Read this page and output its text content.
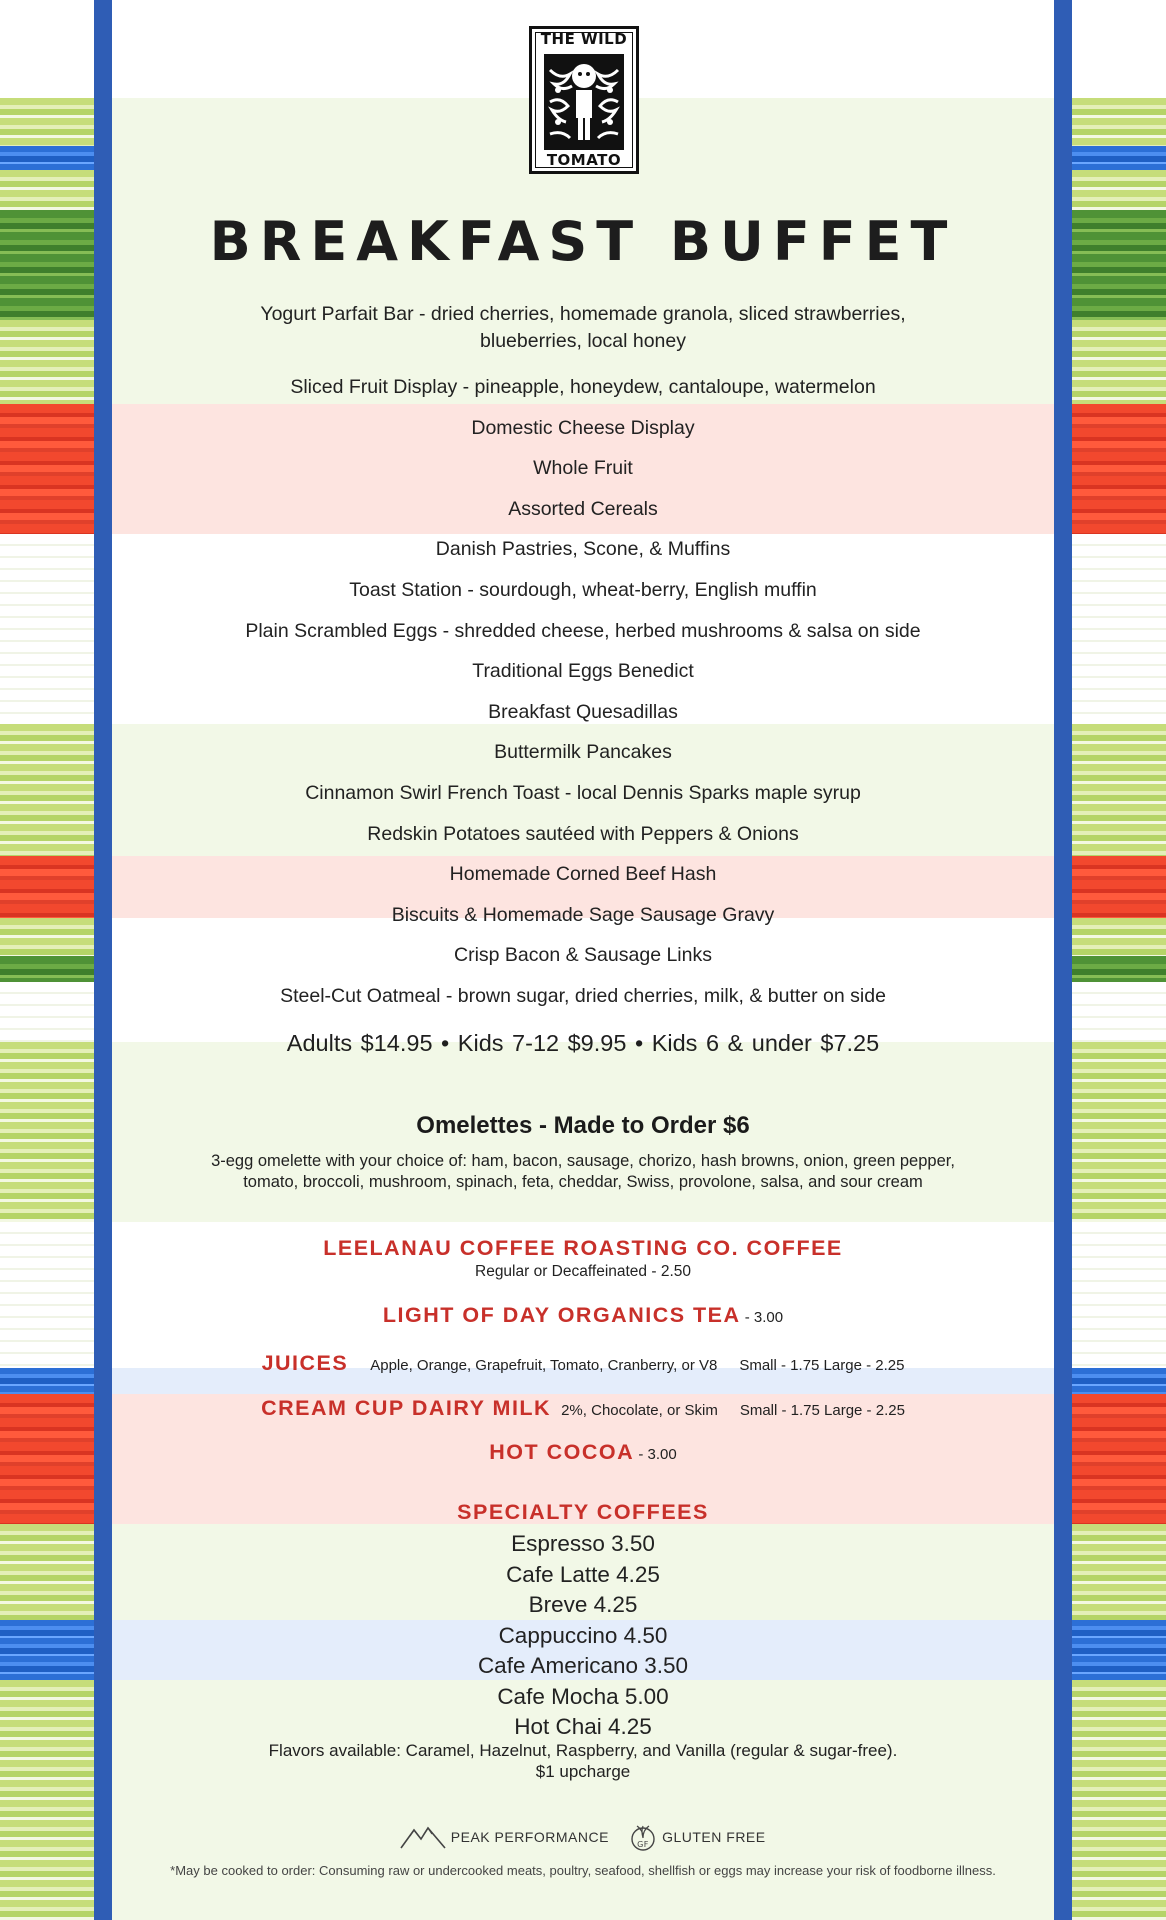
THE WILD
TOMATO
BREAKFAST BUFFET
Yogurt Parfait Bar - dried cherries, homemade granola, sliced strawberries,
blueberries, local honey
Sliced Fruit Display - pineapple, honeydew, cantaloupe, watermelon
Domestic Cheese Display
Whole Fruit
Assorted Cereals
Danish Pastries, Scone, & Muffins
Toast Station - sourdough, wheat-berry, English muffin
Plain Scrambled Eggs - shredded cheese, herbed mushrooms & salsa on side
Traditional Eggs Benedict
Breakfast Quesadillas
Buttermilk Pancakes
Cinnamon Swirl French Toast - local Dennis Sparks maple syrup
Redskin Potatoes sautéed with Peppers & Onions
Homemade Corned Beef Hash
Biscuits & Homemade Sage Sausage Gravy
Crisp Bacon & Sausage Links
Steel-Cut Oatmeal - brown sugar, dried cherries, milk, & butter on side
Adults $14.95 • Kids 7-12 $9.95 • Kids 6 & under $7.25
Omelettes - Made to Order $6
3-egg omelette with your choice of: ham, bacon, sausage, chorizo, hash browns, onion, green pepper,
tomato, broccoli, mushroom, spinach, feta, cheddar, Swiss, provolone, salsa, and sour cream
LEELANAU COFFEE ROASTING CO. COFFEE
Regular or Decaffeinated - 2.50
LIGHT OF DAY ORGANICS TEA - 3.00
JUICES Apple, Orange, Grapefruit, Tomato, Cranberry, or V8 Small - 1.75 Large - 2.25
CREAM CUP DAIRY MILK 2%, Chocolate, or Skim Small - 1.75 Large - 2.25
HOT COCOA - 3.00
SPECIALTY COFFEES
Espresso 3.50
Cafe Latte 4.25
Breve 4.25
Cappuccino 4.50
Cafe Americano 3.50
Cafe Mocha 5.00
Hot Chai 4.25
Flavors available: Caramel, Hazelnut, Raspberry, and Vanilla (regular & sugar-free).
$1 upcharge
PEAK PERFORMANCE	GF GLUTEN FREE
*May be cooked to order: Consuming raw or undercooked meats, poultry, seafood, shellfish or eggs may increase your risk of foodborne illness.
